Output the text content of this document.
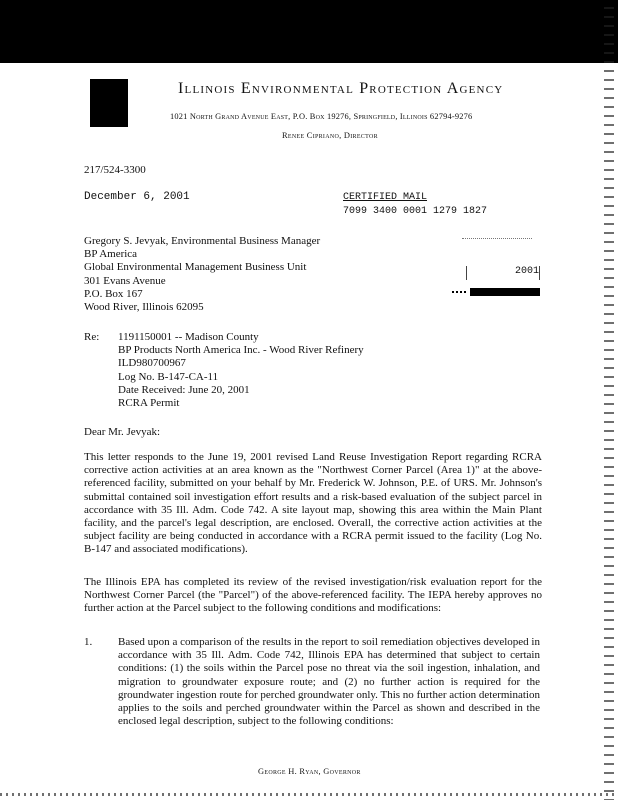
Illinois Environmental Protection Agency
1021 North Grand Avenue East, P.O. Box 19276, Springfield, Illinois 62794-9276
Renee Cipriano, Director
217/524-3300
December 6, 2001	CERTIFIED MAIL
7099 3400 0001 1279 1827
Gregory S. Jevyak, Environmental Business Manager
BP America
Global Environmental Management Business Unit
301 Evans Avenue
P.O. Box 167
Wood River, Illinois 62095
2001
Re: 1191150001 -- Madison County
BP Products North America Inc. - Wood River Refinery
ILD980700967
Log No. B-147-CA-11
Date Received: June 20, 2001
RCRA Permit
Dear Mr. Jevyak:
This letter responds to the June 19, 2001 revised Land Reuse Investigation Report regarding RCRA corrective action activities at an area known as the "Northwest Corner Parcel (Area 1)" at the above-referenced facility, submitted on your behalf by Mr. Frederick W. Johnson, P.E. of URS. Mr. Johnson's submittal contained soil investigation effort results and a risk-based evaluation of the subject parcel in accordance with 35 Ill. Adm. Code 742. A site layout map, showing this area within the Main Plant facility, and the parcel's legal description, are enclosed. Overall, the corrective action activities at the subject facility are being conducted in accordance with a RCRA permit issued to the facility (Log No. B-147 and associated modifications).
The Illinois EPA has completed its review of the revised investigation/risk evaluation report for the Northwest Corner Parcel (the "Parcel") of the above-referenced facility. The IEPA hereby approves no further action at the Parcel subject to the following conditions and modifications:
1. Based upon a comparison of the results in the report to soil remediation objectives developed in accordance with 35 Ill. Adm. Code 742, Illinois EPA has determined that subject to certain conditions: (1) the soils within the Parcel pose no threat via the soil ingestion, inhalation, and migration to groundwater exposure route; and (2) no further action is required for the groundwater ingestion route for perched groundwater only. This no further action determination applies to the soils and perched groundwater within the Parcel as shown and described in the enclosed legal description, subject to the following conditions:
George H. Ryan, Governor
